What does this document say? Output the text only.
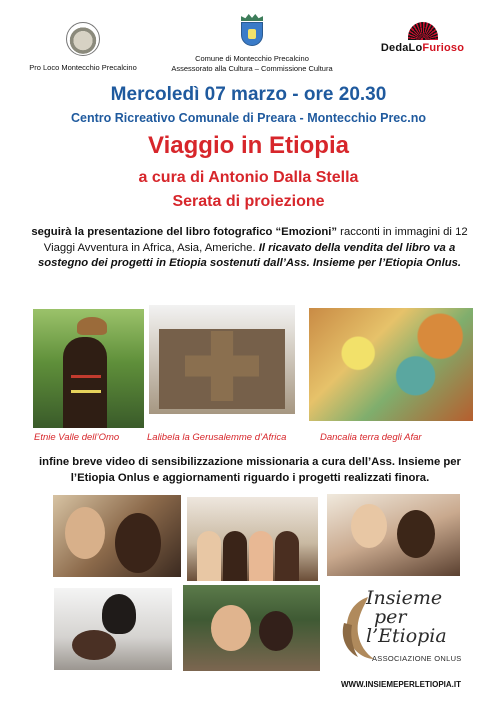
Pro Loco Montecchio Precalcino
Comune di Montecchio Precalcino
Assessorato alla Cultura – Commissione Cultura
DedaLoFurioso
Mercoledì 07 marzo - ore 20.30
Centro Ricreativo Comunale di Preara - Montecchio Prec.no
Viaggio in Etiopia
a cura di Antonio Dalla Stella
Serata di proiezione
seguirà la presentazione del libro fotografico “Emozioni” racconti in immagini di 12 Viaggi Avventura in Africa, Asia, Americhe. Il ricavato della vendita del libro va a sostegno dei progetti in Etiopia sostenuti dall’Ass. Insieme per l’Etiopia Onlus.
Etnie Valle dell’Omo	Lalibela la Gerusalemme d’Africa	Dancalia terra degli Afar
infine breve video di sensibilizzazione missionaria a cura dell’Ass. Insieme per l’Etiopia Onlus e aggiornamenti riguardo i progetti realizzati finora.
Insieme
per
l’Etiopia
ASSOCIAZIONE ONLUS
WWW.INSIEMEPERLETIOPIA.IT
